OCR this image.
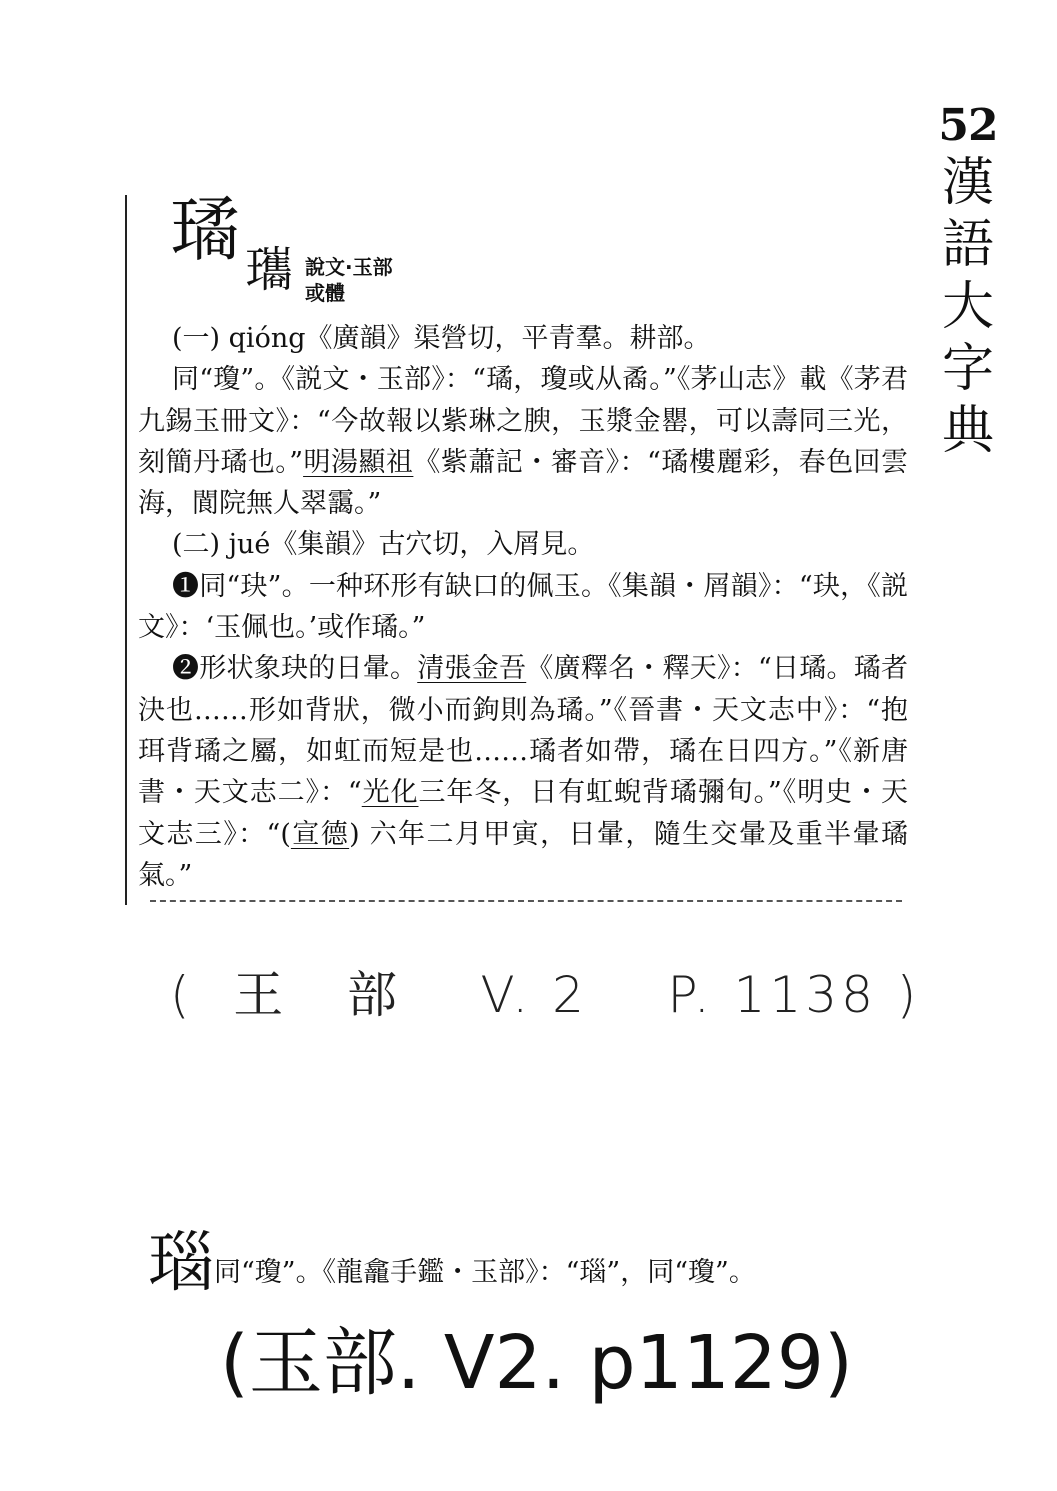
52
漢
語
大
字
典
璚 瓗 說文·玉部
或體

(一) qióng《廣韻》渠營切，平青羣。耕部。

同“瓊”。《説文・玉部》：“璚，瓊或从矞。”《茅山志》載《茅君九錫玉冊文》：“今故報以紫琳之腴，玉漿金罌，可以壽同三光，刻簡丹璚也。”明湯顯祖《紫蕭記・審音》：“璚樓麗彩，春色回雲海，閬院無人翠靄。”

(二) jué《集韻》古穴切，入屑見。

❶同“玦”。一种环形有缺口的佩玉。《集韻・屑韻》：“玦，《説文》：‘玉佩也。’或作璚。”

❷形状象玦的日暈。清張金吾《廣釋名・釋天》：“日璚。璚者決也……形如背狀，微小而鉤則為璚。”《晉書・天文志中》：“抱珥背璚之屬，如虹而短是也……璚者如帶，璚在日四方。”《新唐書・天文志二》：“光化三年冬，日有虹蜺背璚彌旬。”《明史・天文志三》：“(宣德) 六年二月甲寅，日暈，隨生交暈及重半暈璚氣。”

(  王   部    V. 2    P. 1138 )
瑙同“瓊”。《龍龕手鑑・玉部》：“瑙”，同“瓊”。
(玉部. V2. p1129)
